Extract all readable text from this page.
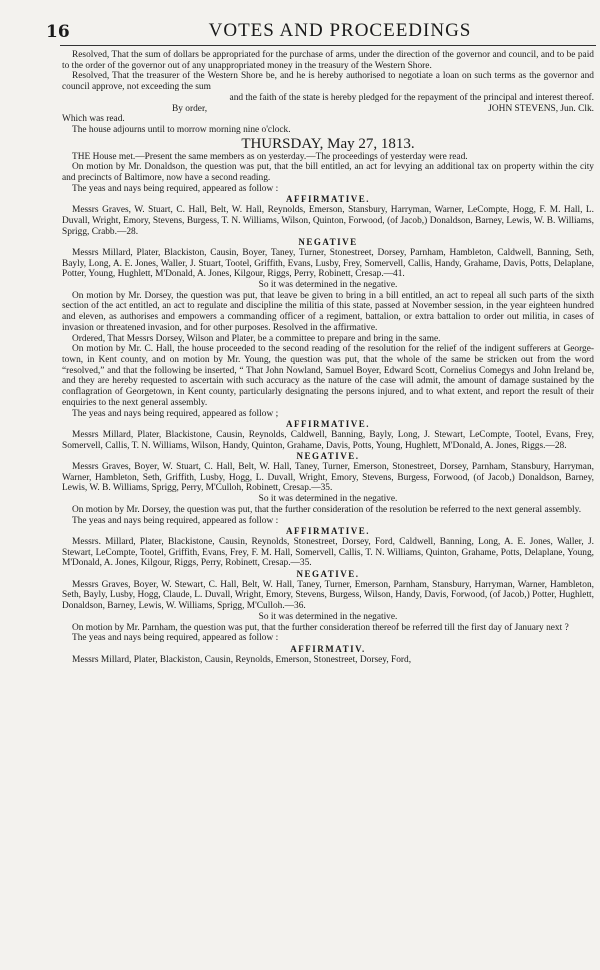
16	VOTES AND PROCEEDINGS

Resolved, That the sum of dollars be appropriated for the purchase of arms, under the direction of the governor and council, and to be paid to the order of the governor out of any unappropriated money in the treasury of the Western Shore.

Resolved, That the treasurer of the Western Shore be, and he is hereby authorised to negotiate a loan on such terms as the governor and council approve, not exceeding the sum

and the faith of the state is hereby pledged for the repayment of the principal and interest thereof.

By order,	JOHN STEVENS, Jun. Clk.

Which was read.

The house adjourns until to morrow morning nine o'clock.

THURSDAY, May 27, 1813.

THE House met.—Present the same members as on yesterday.—The proceedings of yesterday were read.

On motion by Mr. Donaldson, the question was put, that the bill entitled, an act for levying an additional tax on property within the city and precincts of Baltimore, now have a second reading.

The yeas and nays being required, appeared as follow :

AFFIRMATIVE.

Messrs Graves, W. Stuart, C. Hall, Belt, W. Hall, Reynolds, Emerson, Stansbury, Harryman, Warner, LeCompte, Hogg, F. M. Hall, L. Duvall, Wright, Emory, Stevens, Burgess, T. N. Williams, Wilson, Quinton, Forwood, (of Jacob,) Donaldson, Barney, Lewis, W. B. Williams, Sprigg, Crabb.—28.

NEGATIVE

Messrs Millard, Plater, Blackiston, Causin, Boyer, Taney, Turner, Stonestreet, Dorsey, Parnham, Hambleton, Caldwell, Banning, Seth, Bayly, Long, A. E. Jones, Waller, J. Stuart, Tootel, Griffith, Evans, Lusby, Frey, Somervell, Callis, Handy, Grahame, Davis, Potts, Delaplane, Potter, Young, Hughlett, M'Donald, A. Jones, Kilgour, Riggs, Perry, Robinett, Cresap.—41.

So it was determined in the negative.

On motion by Mr. Dorsey, the question was put, that leave be given to bring in a bill entitled, an act to repeal all such parts of the sixth section of the act entitled, an act to regulate and discipline the militia of this state, passed at November session, in the year eighteen hundred and eleven, as authorises and empowers a commanding officer of a regiment, battalion, or extra battalion to order out militia, in cases of invasion or threatened invasion, and for other purposes. Resolved in the affirmative.

Ordered, That Messrs Dorsey, Wilson and Plater, be a committee to prepare and bring in the same.

On motion by Mr. C. Hall, the house proceeded to the second reading of the resolution for the relief of the indigent sufferers at George-town, in Kent county, and on motion by Mr. Young, the question was put, that the whole of the same be stricken out from the word “resolved,” and that the following be inserted, “ That John Nowland, Samuel Boyer, Edward Scott, Cornelius Comegys and John Ireland be, and they are hereby requested to ascertain with such accuracy as the nature of the case will admit, the amount of damage sustained by the conflagration of Georgetown, in Kent county, particularly designating the persons injured, and to what extent, and report the result of their enquiries to the next general assembly.

The yeas and nays being required, appeared as follow ;

AFFIRMATIVE.

Messrs Millard, Plater, Blackistone, Causin, Reynolds, Caldwell, Banning, Bayly, Long, J. Stewart, LeCompte, Tootel, Evans, Frey, Somervell, Callis, T. N. Williams, Wilson, Handy, Quinton, Grahame, Davis, Potts, Young, Hughlett, M'Donald, A. Jones, Riggs.—28.

NEGATIVE.

Messrs Graves, Boyer, W. Stuart, C. Hall, Belt, W. Hall, Taney, Turner, Emerson, Stonestreet, Dorsey, Parnham, Stansbury, Harryman, Warner, Hambleton, Seth, Griffith, Lusby, Hogg, L. Duvall, Wright, Emory, Stevens, Burgess, Forwood, (of Jacob,) Donaldson, Barney, Lewis, W. B. Williams, Sprigg, Perry, M'Culloh, Robinett, Cresap.—35.

So it was determined in the negative.

On motion by Mr. Dorsey, the question was put, that the further consideration of the resolution be referred to the next general assembly.

The yeas and nays being required, appeared as follow :

AFFIRMATIVE.

Messrs. Millard, Plater, Blackistone, Causin, Reynolds, Stonestreet, Dorsey, Ford, Caldwell, Banning, Long, A. E. Jones, Waller, J. Stewart, LeCompte, Tootel, Griffith, Evans, Frey, F. M. Hall, Somervell, Callis, T. N. Williams, Quinton, Grahame, Potts, Delaplane, Young, M'Donald, A. Jones, Kilgour, Riggs, Perry, Robinett, Cresap.—35.

NEGATIVE.

Messrs Graves, Boyer, W. Stewart, C. Hall, Belt, W. Hall, Taney, Turner, Emerson, Parnham, Stansbury, Harryman, Warner, Hambleton, Seth, Bayly, Lusby, Hogg, Claude, L. Duvall, Wright, Emory, Stevens, Burgess, Wilson, Handy, Davis, Forwood, (of Jacob,) Potter, Hughlett, Donaldson, Barney, Lewis, W. Williams, Sprigg, M'Culloh.—36.

So it was determined in the negative.

On motion by Mr. Parnham, the question was put, that the further consideration thereof be referred till the first day of January next ?

The yeas and nays being required, appeared as follow :

AFFIRMATIV.

Messrs Millard, Plater, Blackiston, Causin, Reynolds, Emerson, Stonestreet, Dorsey, Ford,
